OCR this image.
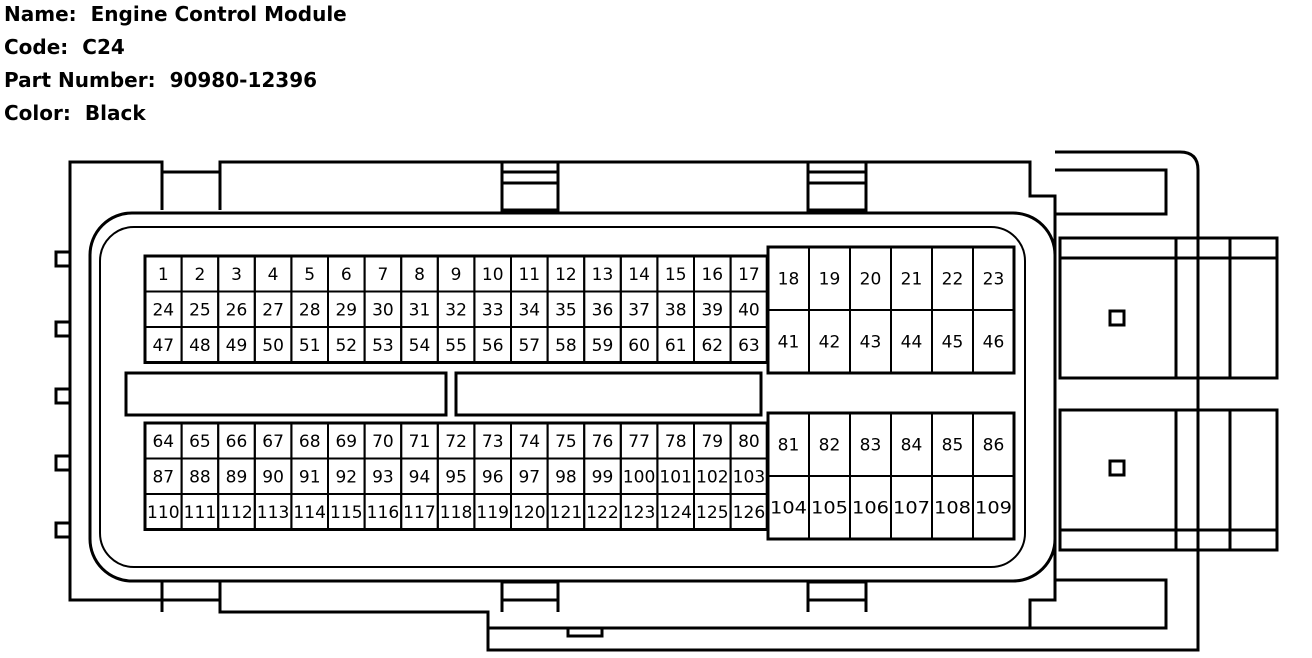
Name: Engine Control Module
Code: C24
Part Number: 90980-12396
Color: Black
1 2 3 4 5 6 7 8 9 10 11 12 13 14 15 16 17
24 25 26 27 28 29 30 31 32 33 34 35 36 37 38 39 40
47 48 49 50 51 52 53 54 55 56 57 58 59 60 61 62 63
64 65 66 67 68 69 70 71 72 73 74 75 76 77 78 79 80
87 88 89 90 91 92 93 94 95 96 97 98 99 100 101 102 103
110 111 112 113 114 115 116 117 118 119 120 121 122 123 124 125 126
18 19 20 21 22 23
41 42 43 44 45 46
81 82 83 84 85 86
104 105 106 107 108 109
